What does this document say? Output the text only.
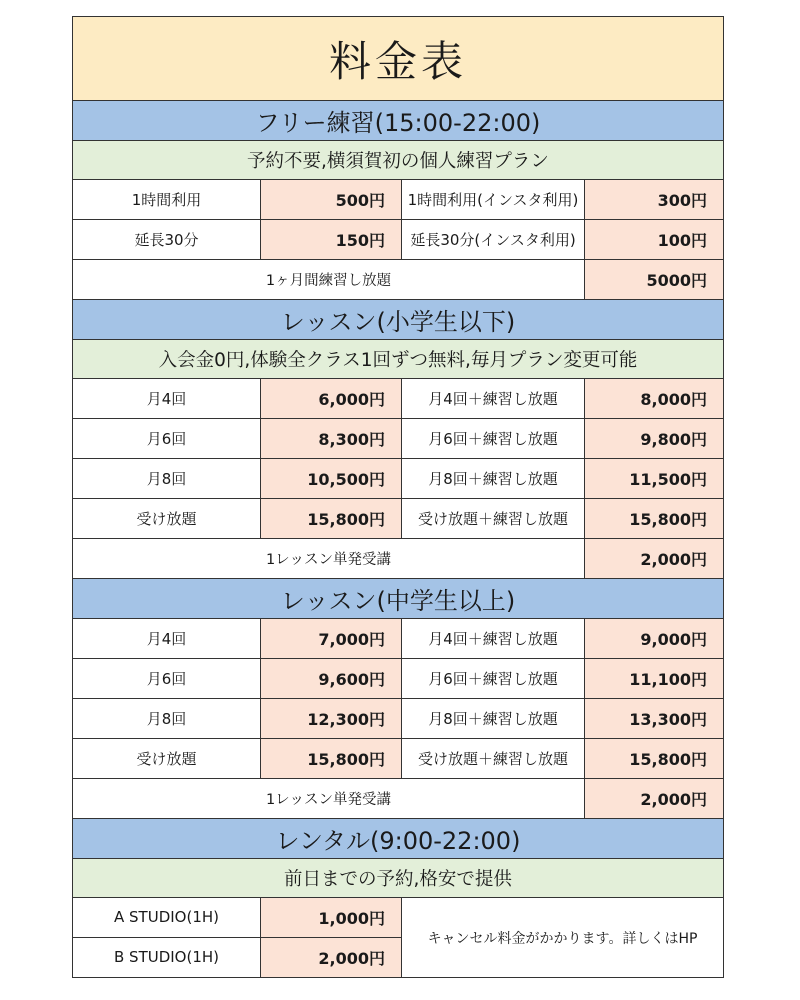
料金表
フリー練習(15:00-22:00)
予約不要,横須賀初の個人練習プラン
1時間利用	500円	1時間利用(インスタ利用)	300円
延長30分	150円	延長30分(インスタ利用)	100円
1ヶ月間練習し放題	5000円
レッスン(小学生以下)
入会金0円,体験全クラス1回ずつ無料,毎月プラン変更可能
月4回	6,000円	月4回＋練習し放題	8,000円
月6回	8,300円	月6回＋練習し放題	9,800円
月8回	10,500円	月8回＋練習し放題	11,500円
受け放題	15,800円	受け放題＋練習し放題	15,800円
1レッスン単発受講	2,000円
レッスン(中学生以上)
月4回	7,000円	月4回＋練習し放題	9,000円
月6回	9,600円	月6回＋練習し放題	11,100円
月8回	12,300円	月8回＋練習し放題	13,300円
受け放題	15,800円	受け放題＋練習し放題	15,800円
1レッスン単発受講	2,000円
レンタル(9:00-22:00)
前日までの予約,格安で提供
A STUDIO(1H)	1,000円
B STUDIO(1H)	2,000円
キャンセル料金がかかります。詳しくはHP
